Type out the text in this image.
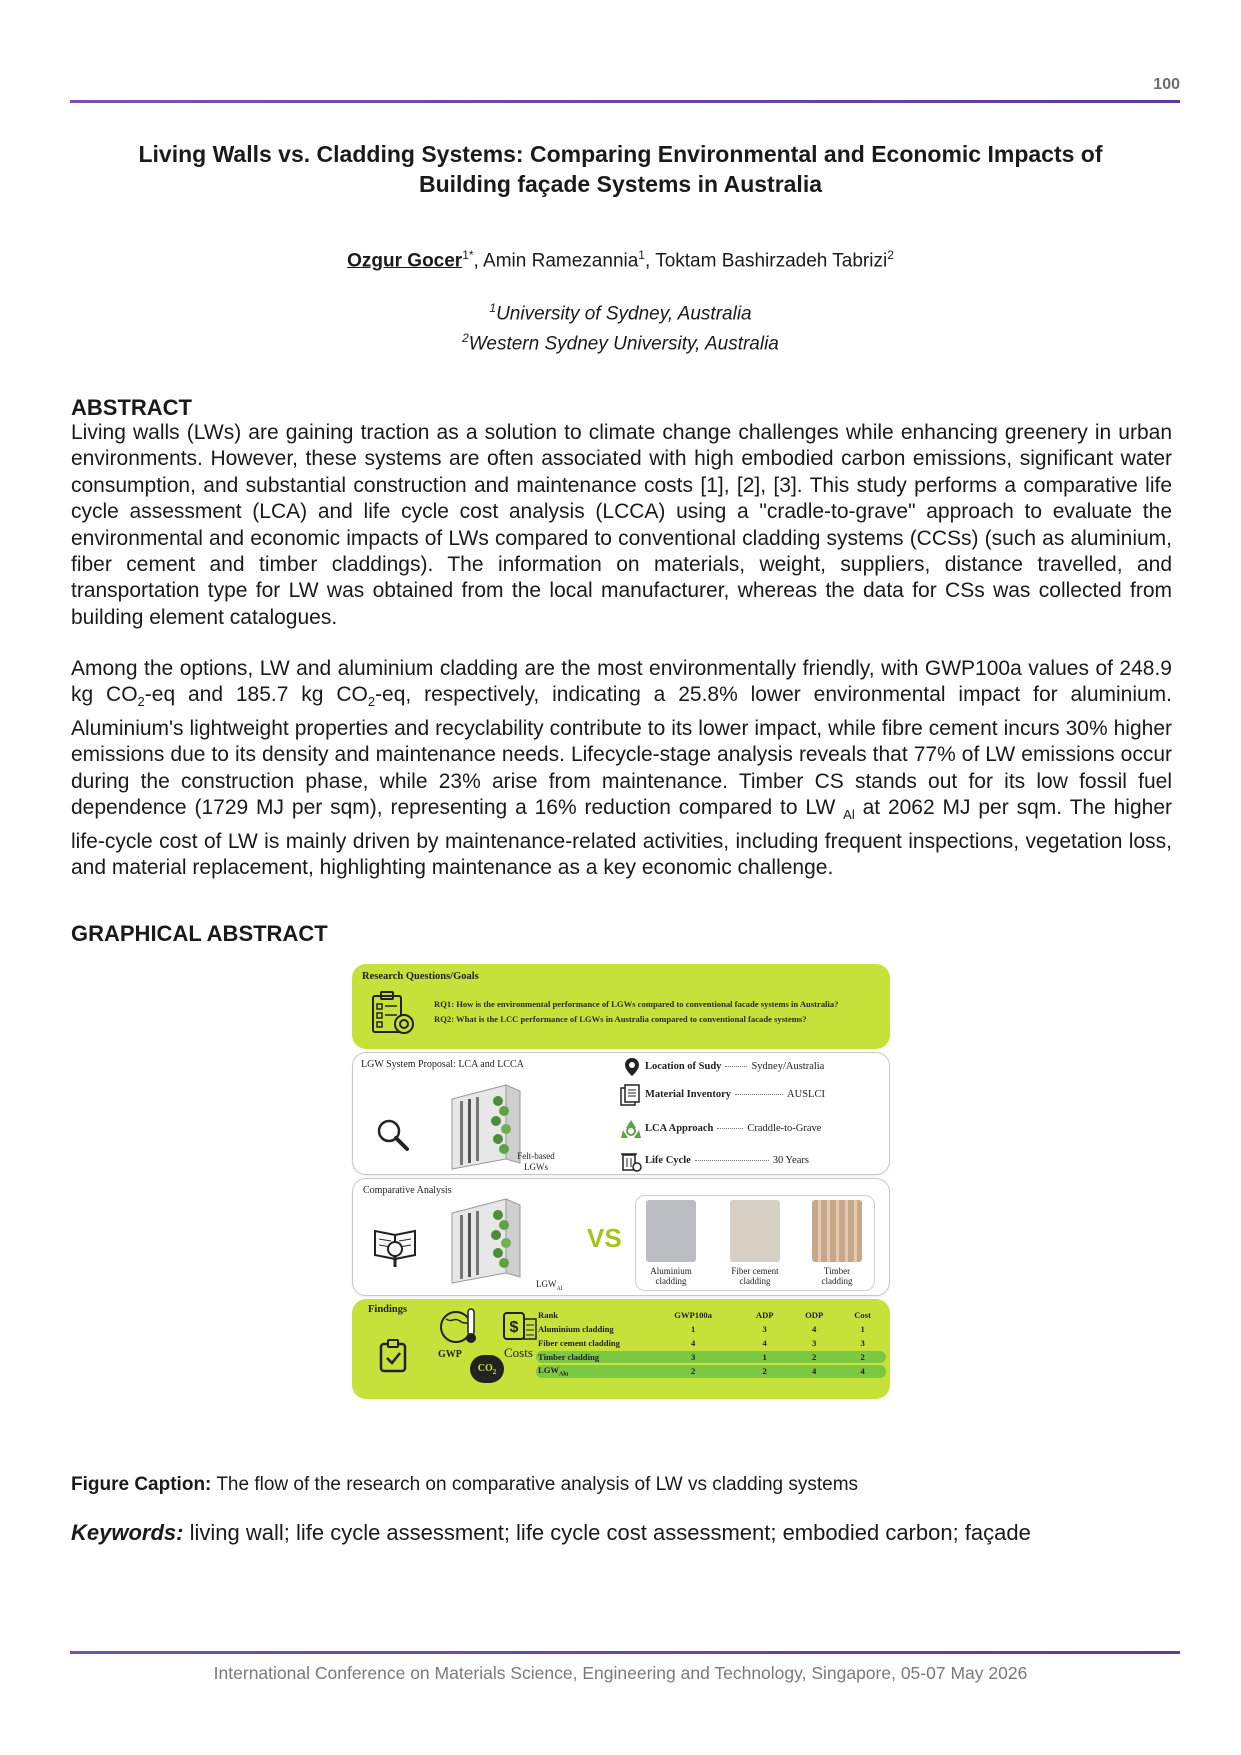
100
Living Walls vs. Cladding Systems: Comparing Environmental and Economic Impacts of Building façade Systems in Australia
Ozgur Gocer$^{1*}$, Amin Ramezannia$^1$, Toktam Bashirzadeh Tabrizi$^2$
$^1$University of Sydney, Australia
$^2$Western Sydney University, Australia
ABSTRACT

Living walls (LWs) are gaining traction as a solution to climate change challenges while enhancing greenery in urban environments. However, these systems are often associated with high embodied carbon emissions, significant water consumption, and substantial construction and maintenance costs [1], [2], [3]. This study performs a comparative life cycle assessment (LCA) and life cycle cost analysis (LCCA) using a "cradle-to-grave" approach to evaluate the environmental and economic impacts of LWs compared to conventional cladding systems (CCSs) (such as aluminium, fiber cement and timber claddings). The information on materials, weight, suppliers, distance travelled, and transportation type for LW was obtained from the local manufacturer, whereas the data for CSs was collected from building element catalogues.

Among the options, LW and aluminium cladding are the most environmentally friendly, with GWP100a values of 248.9 kg $CO_2-eq$ and 185.7 kg $CO_2-eq$, respectively, indicating a 25.8% lower environmental impact for aluminium. Aluminium's lightweight properties and recyclability contribute to its lower impact, while fibre cement incurs 30% higher emissions due to its density and maintenance needs. Lifecycle-stage analysis reveals that 77% of LW emissions occur during the construction phase, while 23% arise from maintenance. Timber CS stands out for its low fossil fuel dependence (1729 MJ per sqm), representing a 16% reduction compared to LW $_{Al}$ at 2062 MJ per sqm. The higher life-cycle cost of LW is mainly driven by maintenance-related activities, including frequent inspections, vegetation loss, and material replacement, highlighting maintenance as a key economic challenge.

GRAPHICAL ABSTRACT
Research Questions/Goals
RQ1: How is the environmental performance of LGWs compared to conventional facade systems in Australia?
RQ2: What is the LCC performance of LGWs in Australia compared to conventional facade systems?
LGW System Proposal: LCA and LCCA
Felt-based
LGWs
Location of Sudy	Sydney/Australia
Material Inventory	AUSLCI
LCA Approach	Craddle-to-Grave
Life Cycle	30 Years
Comparative Analysis
$LGW_{Al}$
VS
Aluminium
cladding
Fiber cement
cladding
Timber
cladding
Findings
GWP
$CO_2$
$
Costs
Rank	GWP100a	ADP	ODP	Cost
Aluminium cladding	1	3	4	1
Fiber cement cladding	4	4	3	3
Timber cladding	3	1	2	2
$LGW_{Alu}$	2	2	4	4
Figure Caption: The flow of the research on comparative analysis of LW vs cladding systems
Keywords: living wall; life cycle assessment; life cycle cost assessment; embodied carbon; façade
International Conference on Materials Science, Engineering and Technology, Singapore, 05-07 May 2026
